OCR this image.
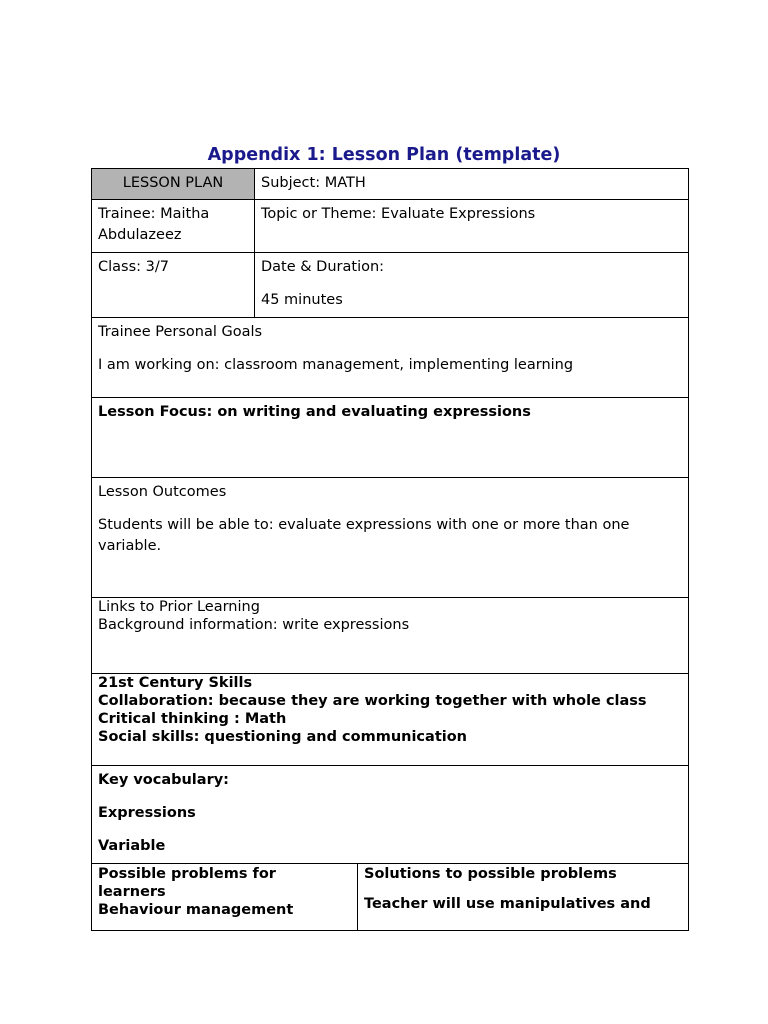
Appendix 1: Lesson Plan (template)

LESSON PLAN	Subject: MATH

Trainee: Maitha

Abdulazeez

Topic or Theme: Evaluate Expressions

Class: 3/7	Date & Duration:

45 minutes

Trainee Personal Goals

I am working on: classroom management, implementing learning

Lesson Focus: on writing and evaluating expressions

Lesson Outcomes

Students will be able to: evaluate expressions with one or more than one

variable.

Links to Prior Learning

Background information: write expressions

21st Century Skills

Collaboration: because they are working together with whole class

Critical thinking : Math

Social skills: questioning and communication

Key vocabulary:

Expressions

Variable

Possible problems for

learners

Behaviour management

Solutions to possible problems

Teacher will use manipulatives and
